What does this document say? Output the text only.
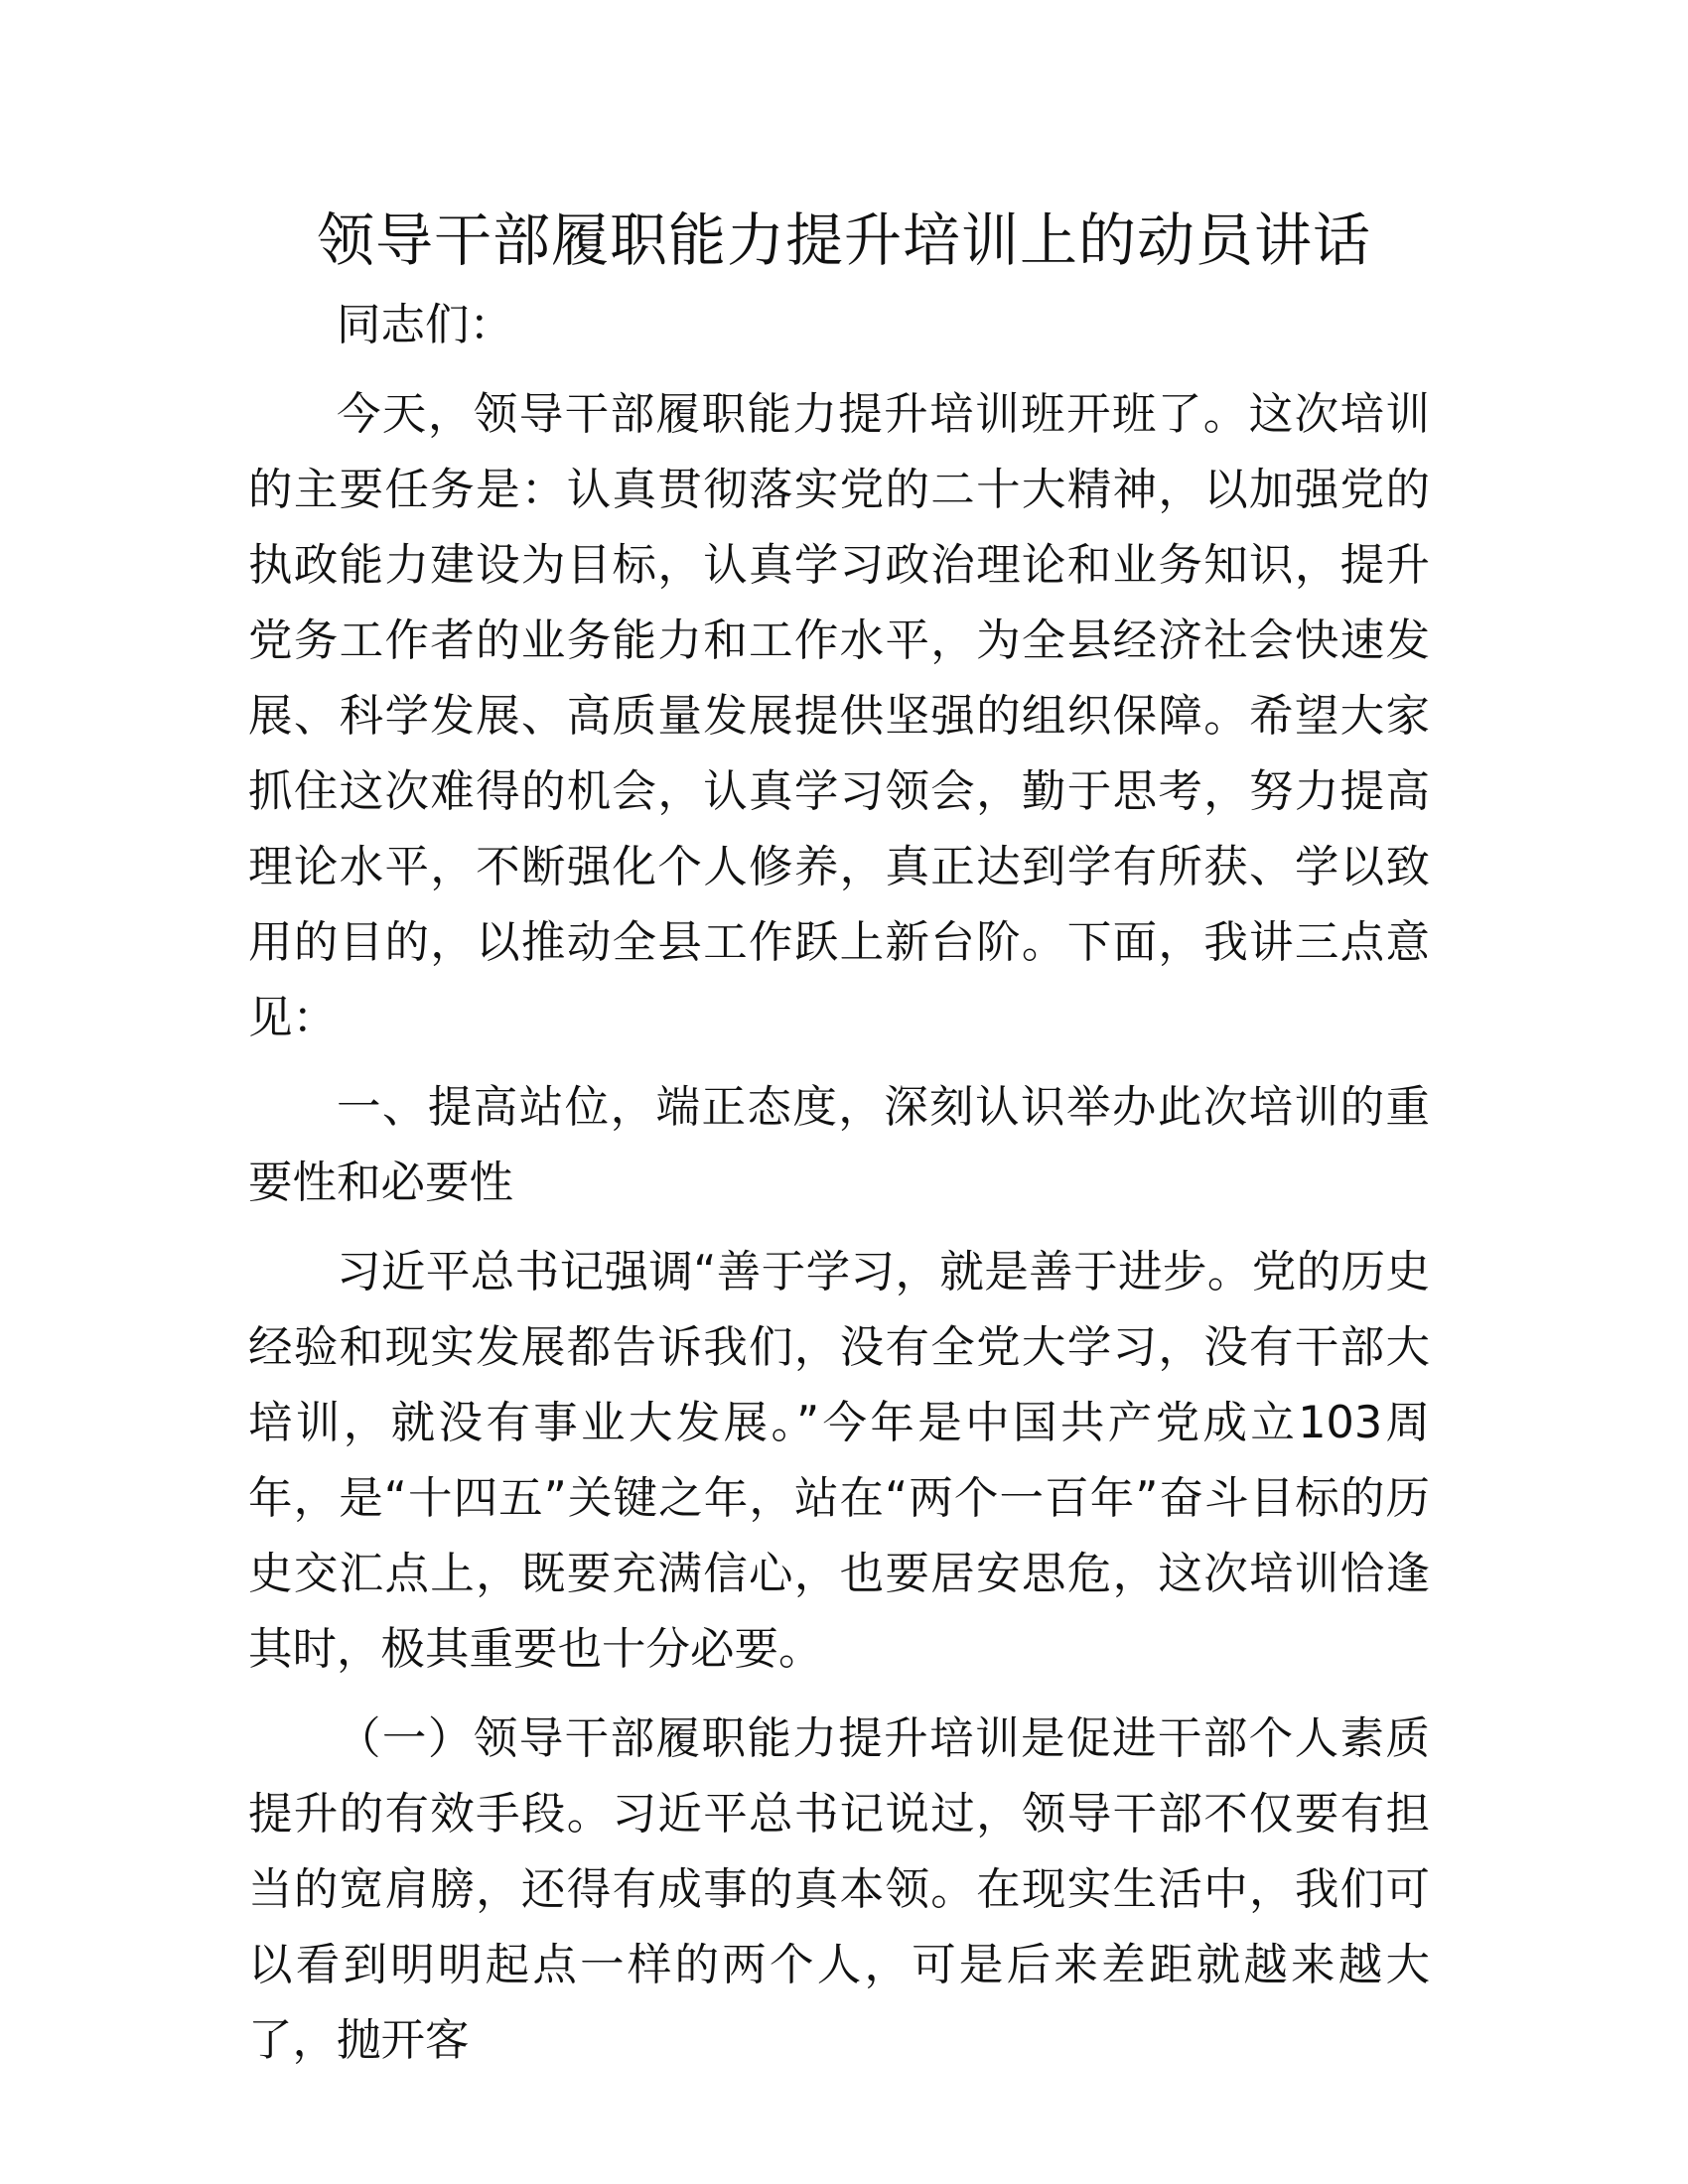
领导干部履职能力提升培训上的动员讲话

同志们：

今天，领导干部履职能力提升培训班开班了。这次培训的主要任务是：认真贯彻落实党的二十大精神，以加强党的执政能力建设为目标，认真学习政治理论和业务知识，提升党务工作者的业务能力和工作水平，为全县经济社会快速发展、科学发展、高质量发展提供坚强的组织保障。希望大家抓住这次难得的机会，认真学习领会，勤于思考，努力提高理论水平，不断强化个人修养，真正达到学有所获、学以致用的目的，以推动全县工作跃上新台阶。下面，我讲三点意见：

一、提高站位，端正态度，深刻认识举办此次培训的重要性和必要性

习近平总书记强调“善于学习，就是善于进步。党的历史经验和现实发展都告诉我们，没有全党大学习，没有干部大培训，就没有事业大发展。”今年是中国共产党成立103周年，是“十四五”关键之年，站在“两个一百年”奋斗目标的历史交汇点上，既要充满信心，也要居安思危，这次培训恰逢其时，极其重要也十分必要。

（一）领导干部履职能力提升培训是促进干部个人素质提升的有效手段。习近平总书记说过，领导干部不仅要有担当的宽肩膀，还得有成事的真本领。在现实生活中，我们可以看到明明起点一样的两个人，可是后来差距就越来越大了，抛开客
